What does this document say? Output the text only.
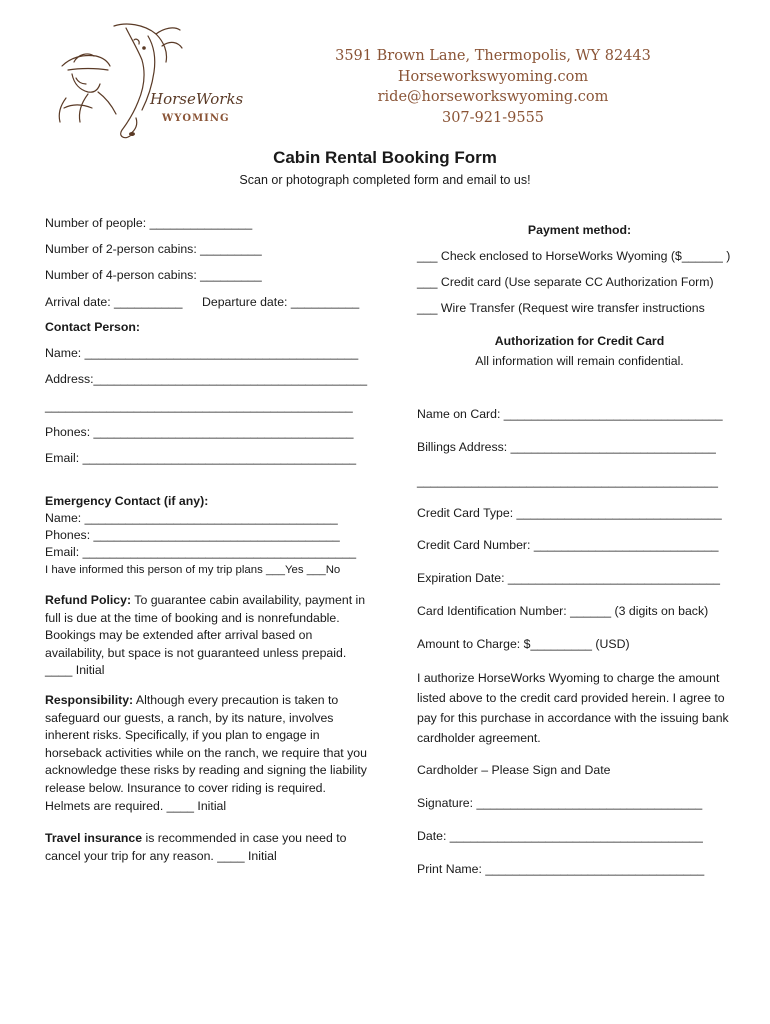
HorseWorks
WYOMING
3591 Brown Lane, Thermopolis, WY 82443
Horseworkswyoming.com
ride@horseworkswyoming.com
307-921-9555
Cabin Rental Booking Form
Scan or photograph completed form and email to us!
Number of people: _______________
Number of 2-person cabins: _________
Number of 4-person cabins: _________
Arrival date: __________ Departure date: __________
Contact Person:
Name: ________________________________________
Address:________________________________________
_____________________________________________
Phones: ______________________________________
Email: ________________________________________
Emergency Contact (if any):
Name: _____________________________________
Phones: ____________________________________
Email: ________________________________________
I have informed this person of my trip plans ___Yes ___No
Refund Policy: To guarantee cabin availability, payment in full is due at the time of booking and is nonrefundable. Bookings may be extended after arrival based on availability, but space is not guaranteed unless prepaid.
____ Initial
Responsibility: Although every precaution is taken to safeguard our guests, a ranch, by its nature, involves inherent risks. Specifically, if you plan to engage in horseback activities while on the ranch, we require that you acknowledge these risks by reading and signing the liability release below. Insurance to cover riding is required. Helmets are required. ____ Initial
Travel insurance is recommended in case you need to cancel your trip for any reason. ____ Initial
Payment method:
___ Check enclosed to HorseWorks Wyoming ($______ )
___ Credit card (Use separate CC Authorization Form)
___ Wire Transfer (Request wire transfer instructions
Authorization for Credit Card
All information will remain confidential.
Name on Card: ________________________________
Billings Address: ______________________________
____________________________________________
Credit Card Type: ______________________________
Credit Card Number: ___________________________
Expiration Date: _______________________________
Card Identification Number: ______ (3 digits on back)
Amount to Charge: $_________ (USD)
I authorize HorseWorks Wyoming to charge the amount listed above to the credit card provided herein. I agree to pay for this purchase in accordance with the issuing bank cardholder agreement.
Cardholder – Please Sign and Date
Signature: _________________________________
Date: _____________________________________
Print Name: ________________________________
